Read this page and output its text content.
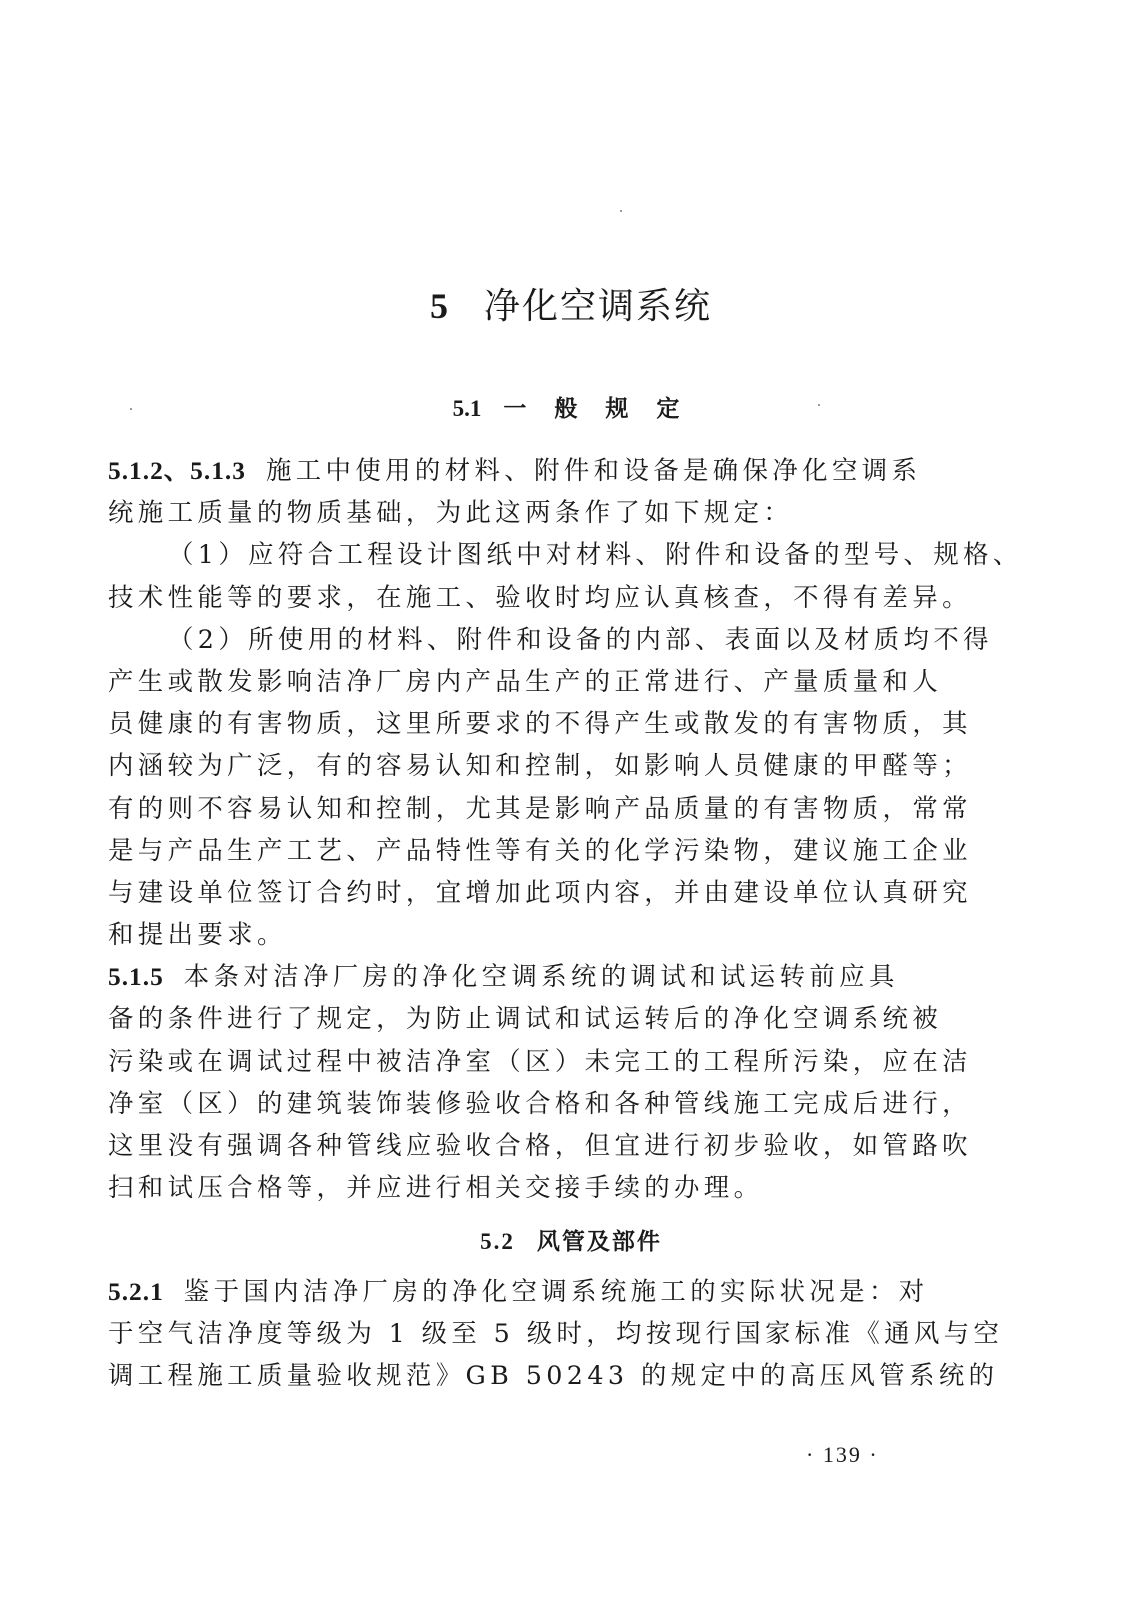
5 净化空调系统
5.1 一 般 规 定
5.1.2、5.1.3 施工中使用的材料、附件和设备是确保净化空调系
统施工质量的物质基础，为此这两条作了如下规定：
（1）应符合工程设计图纸中对材料、附件和设备的型号、规格、
技术性能等的要求，在施工、验收时均应认真核查，不得有差异。
（2）所使用的材料、附件和设备的内部、表面以及材质均不得
产生或散发影响洁净厂房内产品生产的正常进行、产量质量和人
员健康的有害物质，这里所要求的不得产生或散发的有害物质，其
内涵较为广泛，有的容易认知和控制，如影响人员健康的甲醛等；
有的则不容易认知和控制，尤其是影响产品质量的有害物质，常常
是与产品生产工艺、产品特性等有关的化学污染物，建议施工企业
与建设单位签订合约时，宜增加此项内容，并由建设单位认真研究
和提出要求。
5.1.5 本条对洁净厂房的净化空调系统的调试和试运转前应具
备的条件进行了规定，为防止调试和试运转后的净化空调系统被
污染或在调试过程中被洁净室（区）未完工的工程所污染，应在洁
净室（区）的建筑装饰装修验收合格和各种管线施工完成后进行，
这里没有强调各种管线应验收合格，但宜进行初步验收，如管路吹
扫和试压合格等，并应进行相关交接手续的办理。
5.2 风管及部件
5.2.1 鉴于国内洁净厂房的净化空调系统施工的实际状况是：对
于空气洁净度等级为 1 级至 5 级时，均按现行国家标准《通风与空
调工程施工质量验收规范》GB 50243 的规定中的高压风管系统的
· 139 ·
